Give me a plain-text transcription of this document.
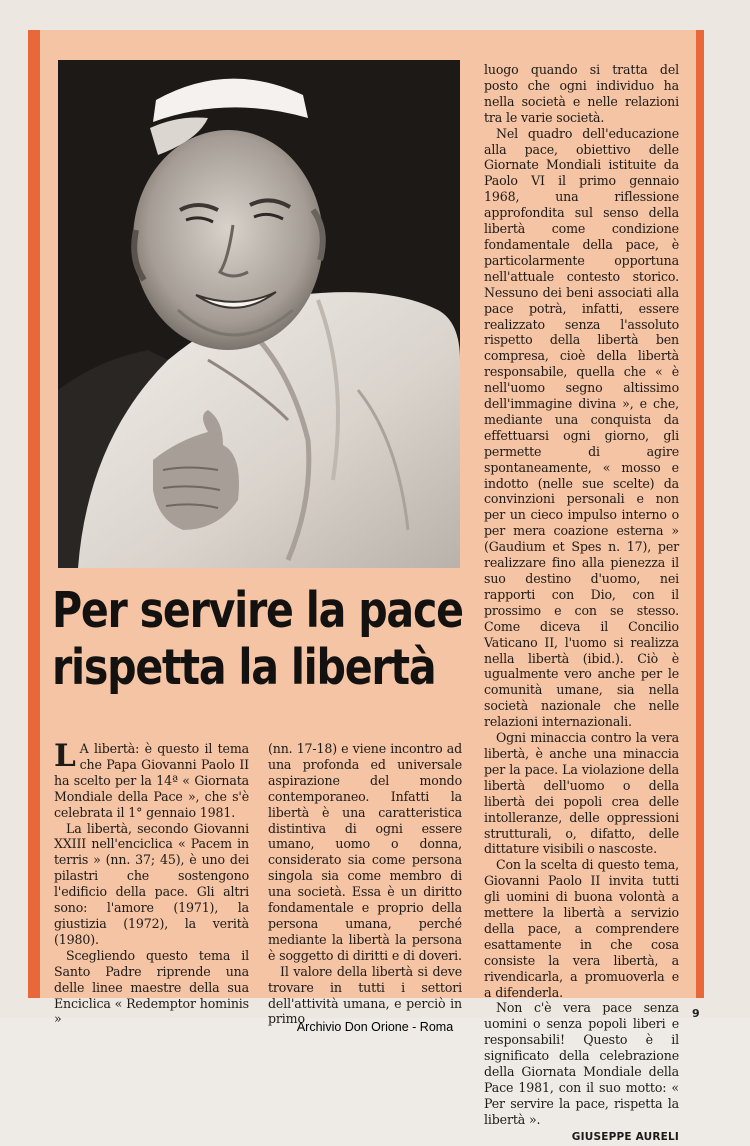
Per servire la pace
rispetta la libertà

L A libertà: è questo il tema che Papa Giovanni Paolo II ha scelto per la 14ª « Giornata Mondiale della Pace », che s'è celebrata il 1° gennaio 1981.

La libertà, secondo Giovanni XXIII nell'enciclica « Pacem in terris » (nn. 37; 45), è uno dei pilastri che sostengono l'edificio della pace. Gli altri sono: l'amore (1971), la giustizia (1972), la verità (1980).

Scegliendo questo tema il Santo Padre riprende una delle linee maestre della sua Enciclica « Redemptor hominis »

(nn. 17-18) e viene incontro ad una profonda ed universale aspirazione del mondo contemporaneo. Infatti la libertà è una caratteristica distintiva di ogni essere umano, uomo o donna, considerato sia come persona singola sia come membro di una società. Essa è un diritto fondamentale e proprio della persona umana, perché mediante la libertà la persona è soggetto di diritti e di doveri.

Il valore della libertà si deve trovare in tutti i settori dell'attività umana, e perciò in primo

luogo quando si tratta del posto che ogni individuo ha nella società e nelle relazioni tra le varie società.

Nel quadro dell'educazione alla pace, obiettivo delle Giornate Mondiali istituite da Paolo VI il primo gennaio 1968, una riflessione approfondita sul senso della libertà come condizione fondamentale della pace, è particolarmente opportuna nell'attuale contesto storico. Nessuno dei beni associati alla pace potrà, infatti, essere realizzato senza l'assoluto rispetto della libertà ben compresa, cioè della libertà responsabile, quella che « è nell'uomo segno altissimo dell'immagine divina », e che, mediante una conquista da effettuarsi ogni giorno, gli permette di agire spontaneamente, « mosso e indotto (nelle sue scelte) da convinzioni personali e non per un cieco impulso interno o per mera coazione esterna » (Gaudium et Spes n. 17), per realizzare fino alla pienezza il suo destino d'uomo, nei rapporti con Dio, con il prossimo e con se stesso. Come diceva il Concilio Vaticano II, l'uomo si realizza nella libertà (ibid.). Ciò è ugualmente vero anche per le comunità umane, sia nella società nazionale che nelle relazioni internazionali.

Ogni minaccia contro la vera libertà, è anche una minaccia per la pace. La violazione della libertà dell'uomo o della libertà dei popoli crea delle intolleranze, delle oppressioni strutturali, o, difatto, delle dittature visibili o nascoste.

Con la scelta di questo tema, Giovanni Paolo II invita tutti gli uomini di buona volontà a mettere la libertà a servizio della pace, a comprendere esattamente in che cosa consiste la vera libertà, a rivendicarla, a promuoverla e a difenderla.

Non c'è vera pace senza uomini o senza popoli liberi e responsabili! Questo è il significato della celebrazione della Giornata Mondiale della Pace 1981, con il suo motto: « Per servire la pace, rispetta la libertà ».

GIUSEPPE AURELI
9
Archivio Don Orione - Roma
